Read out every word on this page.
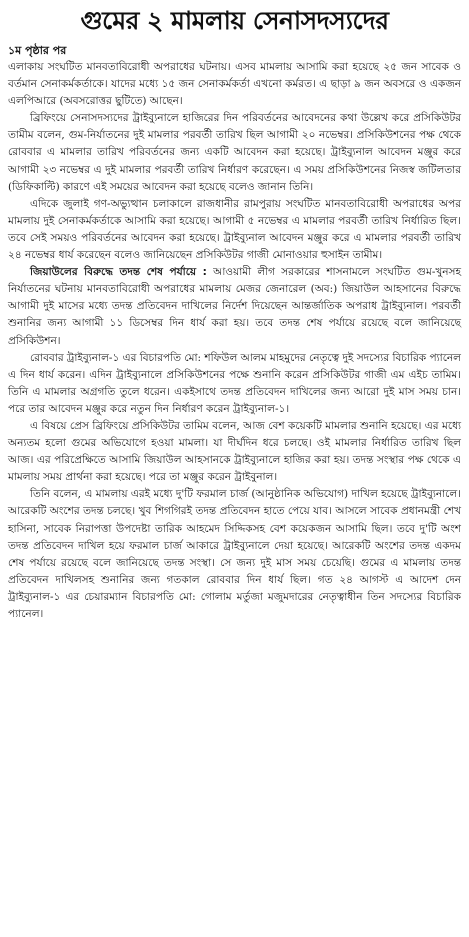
গুমের ২ মামলায় সেনাসদস্যদের
১ম পৃষ্ঠার পর

এলাকায় সংঘটিত মানবতাবিরোধী অপরাধের ঘটনায়। এসব মামলায় আসামি করা হয়েছে ২৫ জন সাবেক ও বর্তমান সেনাকর্মকর্তাকে। যাদের মধ্যে ১৫ জন সেনাকর্মকর্তা এখনো কর্মরত। এ ছাড়া ৯ জন অবসরে ও একজন এলপিআরে (অবসরোত্তর ছুটিতে) আছেন।

ব্রিফিংয়ে সেনাসদস্যদের ট্রাইব্যুনালে হাজিরের দিন পরিবর্তনের আবেদনের কথা উল্লেখ করে প্রসিকিউটর তামীম বলেন, গুম-নির্যাতনের দুই মামলার পরবর্তী তারিখ ছিল আগামী ২০ নভেম্বর। প্রসিকিউশনের পক্ষ থেকে রোববার এ মামলার তারিখ পরিবর্তনের জন্য একটি আবেদন করা হয়েছে। ট্রাইব্যুনাল আবেদন মঞ্জুর করে আগামী ২৩ নভেম্বর এ দুই মামলার পরবর্তী তারিখ নির্ধারণ করেছেন। এ সময় প্রসিকিউশনের নিজস্ব জটিলতার (ডিফিকাল্টি) কারণে এই সময়ের আবেদন করা হয়েছে বলেও জানান তিনি।

এদিকে জুলাই গণ-অভ্যুত্থান চলাকালে রাজধানীর রামপুরায় সংঘটিত মানবতাবিরোধী অপরাধের অপর মামলায় দুই সেনাকর্মকর্তাকে আসামি করা হয়েছে। আগামী ৫ নভেম্বর এ মামলার পরবর্তী তারিখ নির্ধারিত ছিল। তবে সেই সময়ও পরিবর্তনের আবেদন করা হয়েছে। ট্রাইব্যুনাল আবেদন মঞ্জুর করে এ মামলার পরবর্তী তারিখ ২৪ নভেম্বর ধার্য করেছেন বলেও জানিয়েছেন প্রসিকিউটর গাজী মোনাওয়ার হুসাইন তামীম।

জিয়াউলের বিরুদ্ধে তদন্ত শেষ পর্যায়ে : আওয়ামী লীগ সরকারের শাসনামলে সংঘটিত গুম-খুনসহ নির্যাতনের ঘটনায় মানবতাবিরোধী অপরাধের মামলায় মেজর জেনারেল (অব:) জিয়াউল আহসানের বিরুদ্ধে আগামী দুই মাসের মধ্যে তদন্ত প্রতিবেদন দাখিলের নির্দেশ দিয়েছেন আন্তর্জাতিক অপরাধ ট্রাইব্যুনাল। পরবর্তী শুনানির জন্য আগামী ১১ ডিসেম্বর দিন ধার্য করা হয়। তবে তদন্ত শেষ পর্যায়ে রয়েছে বলে জানিয়েছে প্রসিকিউশন।

রোববার ট্রাইব্যুনাল-১ এর বিচারপতি মো: শফিউল আলম মাহমুদের নেতৃত্বে দুই সদস্যের বিচারিক প্যানেল এ দিন ধার্য করেন। এদিন ট্রাইব্যুনালে প্রসিকিউশনের পক্ষে শুনানি করেন প্রসিকিউটর গাজী এম এইচ তামিম। তিনি এ মামলার অগ্রগতি তুলে ধরেন। একইসাথে তদন্ত প্রতিবেদন দাখিলের জন্য আরো দুই মাস সময় চান। পরে তার আবেদন মঞ্জুর করে নতুন দিন নির্ধারণ করেন ট্রাইব্যুনাল-১।

এ বিষয়ে প্রেস ব্রিফিংয়ে প্রসিকিউটর তামিম বলেন, আজ বেশ কয়েকটি মামলার শুনানি হয়েছে। এর মধ্যে অন্যতম হলো গুমের অভিযোগে হওয়া মামলা। যা দীর্ঘদিন ধরে চলছে। ওই মামলার নির্ধারিত তারিখ ছিল আজ। এর পরিপ্রেক্ষিতে আসামি জিয়াউল আহসানকে ট্রাইব্যুনালে হাজির করা হয়। তদন্ত সংস্থার পক্ষ থেকে এ মামলায় সময় প্রার্থনা করা হয়েছে। পরে তা মঞ্জুর করেন ট্রাইবুনাল।

তিনি বলেন, এ মামলায় এরই মধ্যে দু'টি ফরমাল চার্জ (আনুষ্ঠানিক অভিযোগ) দাখিল হয়েছে ট্রাইব্যুনালে। আরেকটি অংশের তদন্ত চলছে। খুব শিগগিরই তদন্ত প্রতিবেদন হাতে পেয়ে যাব। আসলে সাবেক প্রধানমন্ত্রী শেখ হাসিনা, সাবেক নিরাপত্তা উপদেষ্টা তারিক আহমেদ সিদ্দিকসহ বেশ কয়েকজন আসামি ছিল। তবে দু'টি অংশ তদন্ত প্রতিবেদন দাখিল হয়ে ফরমাল চার্জ আকারে ট্রাইব্যুনালে দেয়া হয়েছে। আরেকটি অংশের তদন্ত একদম শেষ পর্যায়ে রয়েছে বলে জানিয়েছে তদন্ত সংস্থা। সে জন্য দুই মাস সময় চেয়েছি। গুমের এ মামলায় তদন্ত প্রতিবেদন দাখিলসহ শুনানির জন্য গতকাল রোববার দিন ধার্য ছিল। গত ২৪ আগস্ট এ আদেশ দেন ট্রাইব্যুনাল-১ এর চেয়ারম্যান বিচারপতি মো: গোলাম মর্তুজা মজুমদারের নেতৃত্বাধীন তিন সদস্যের বিচারিক প্যানেল।
